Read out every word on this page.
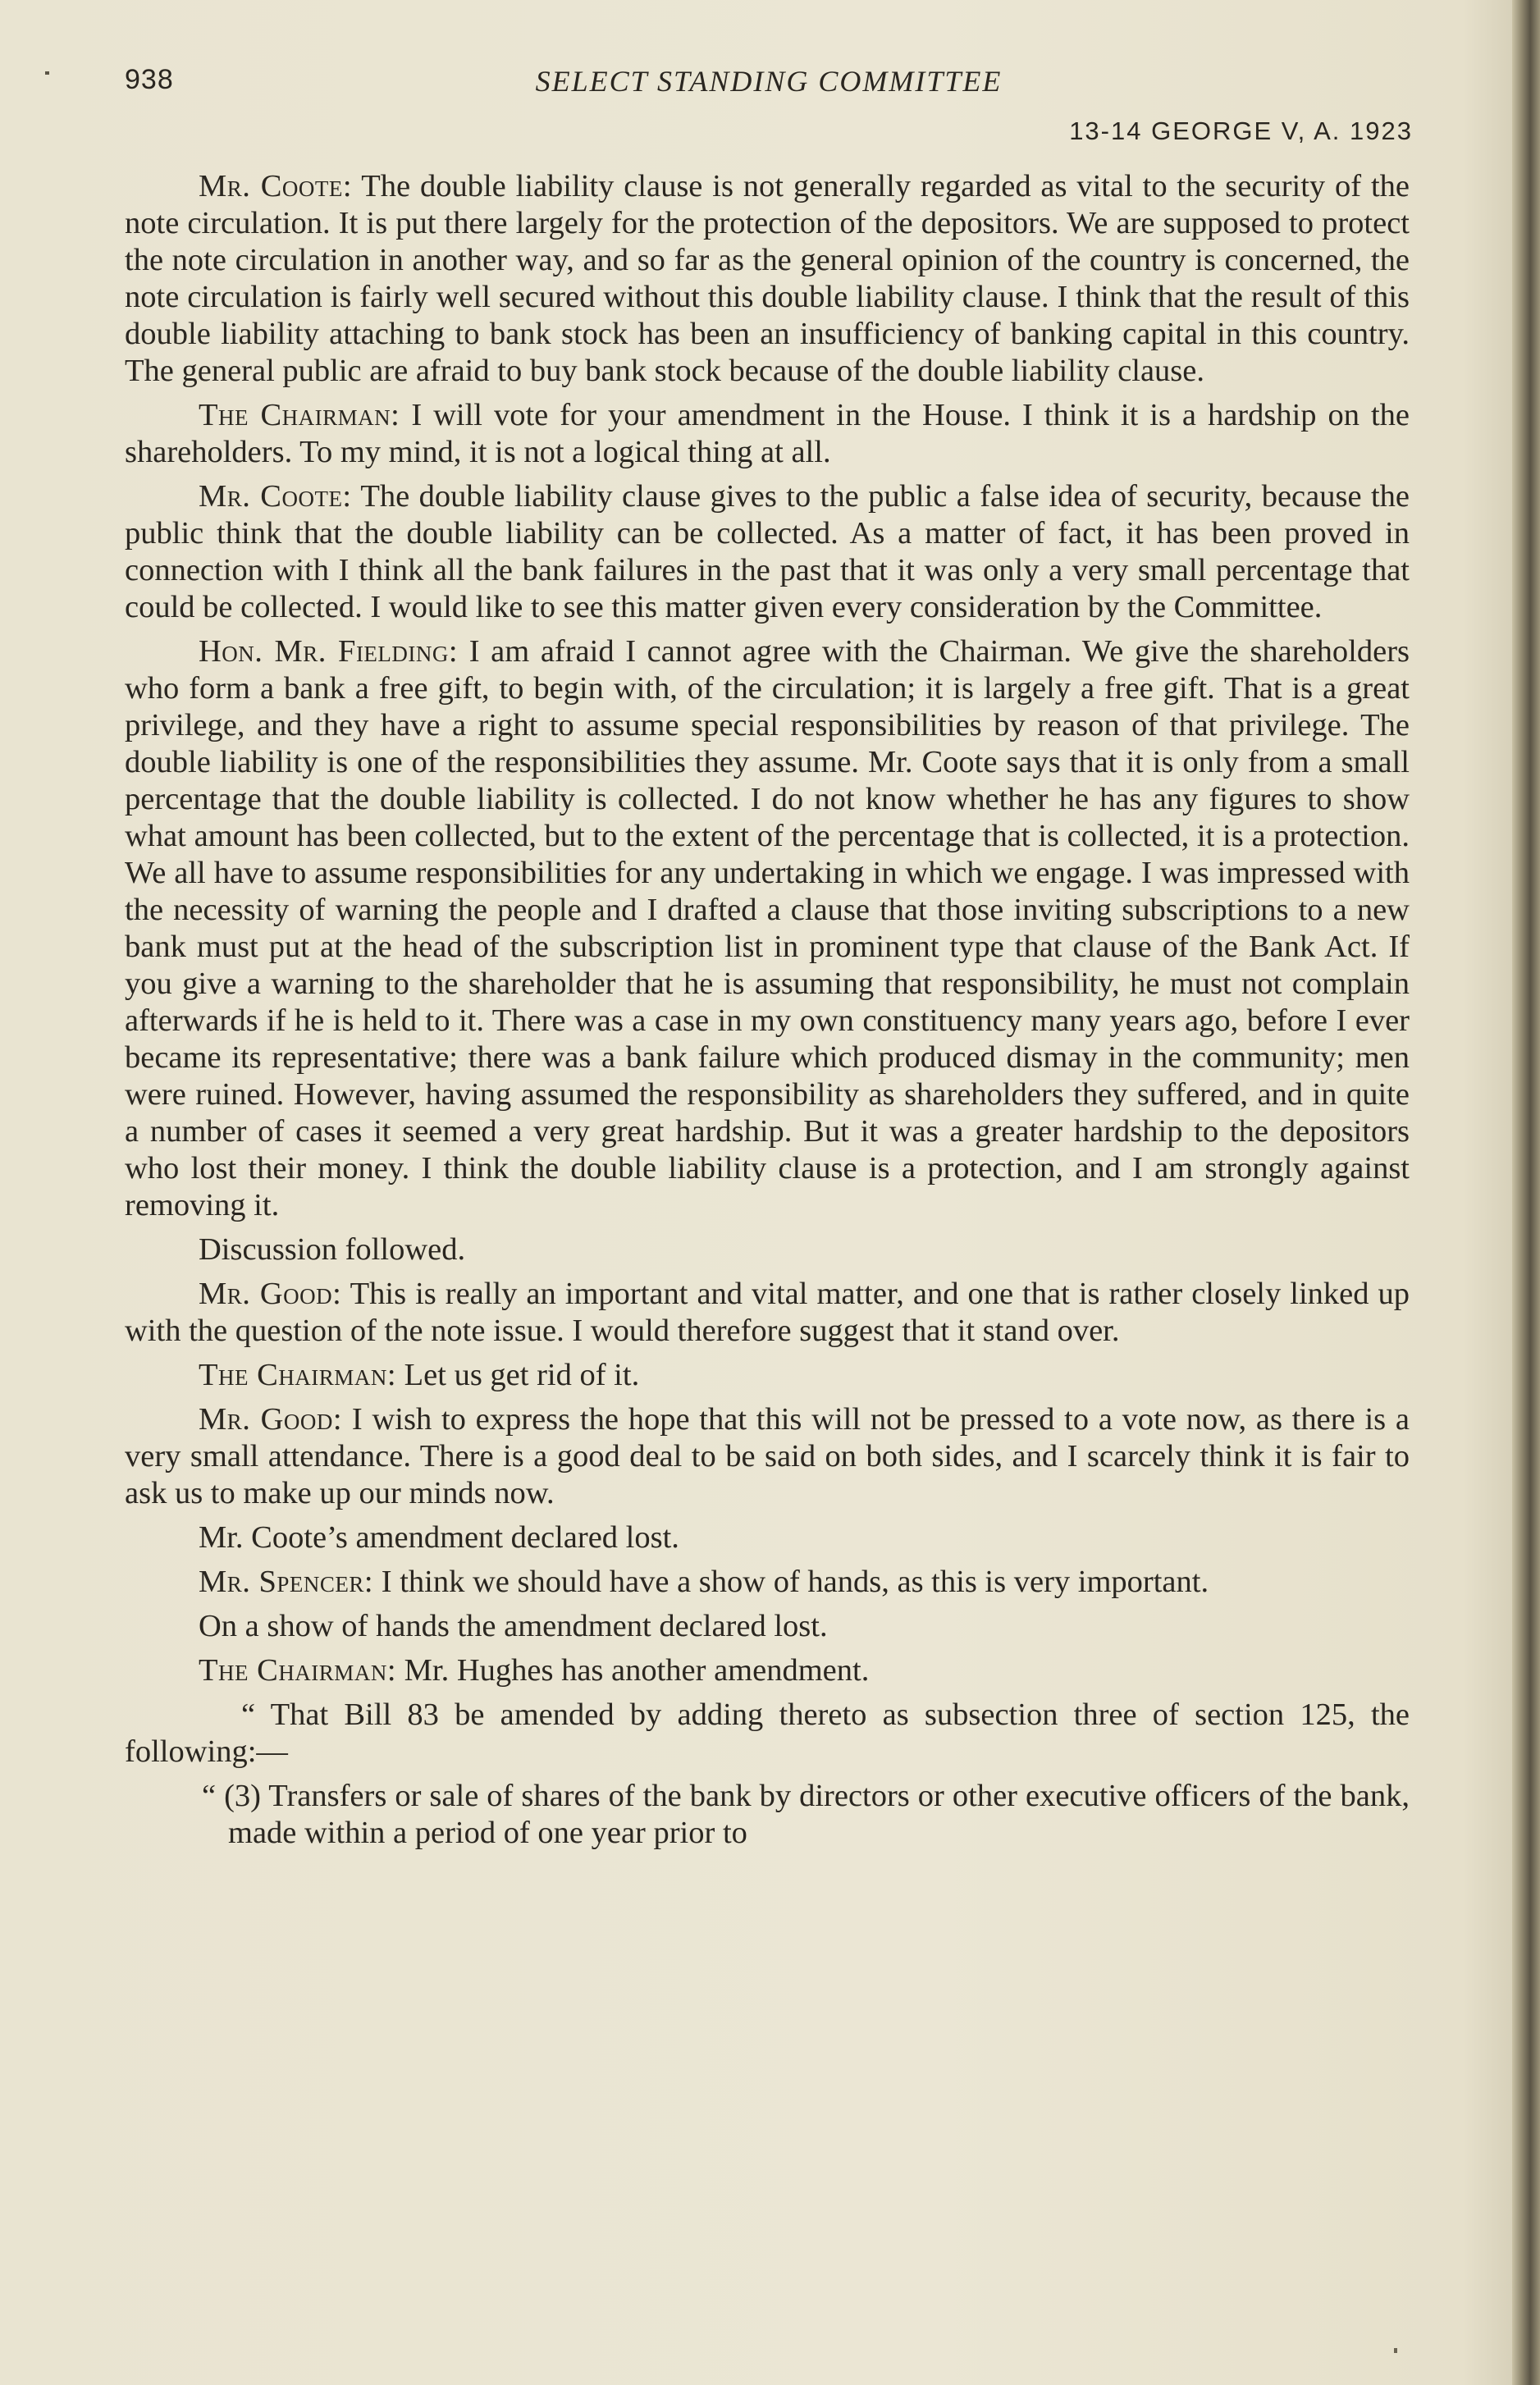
938	SELECT STANDING COMMITTEE
13-14 GEORGE V, A. 1923

Mr. Coote: The double liability clause is not generally regarded as vital to the security of the note circulation. It is put there largely for the protection of the depositors. We are supposed to protect the note circulation in another way, and so far as the general opinion of the country is concerned, the note circulation is fairly well secured without this double liability clause. I think that the result of this double liability attaching to bank stock has been an insufficiency of banking capital in this country. The general public are afraid to buy bank stock because of the double liability clause.

The Chairman: I will vote for your amendment in the House. I think it is a hardship on the shareholders. To my mind, it is not a logical thing at all.

Mr. Coote: The double liability clause gives to the public a false idea of security, because the public think that the double liability can be collected. As a matter of fact, it has been proved in connection with I think all the bank failures in the past that it was only a very small percentage that could be collected. I would like to see this matter given every consideration by the Committee.

Hon. Mr. Fielding: I am afraid I cannot agree with the Chairman. We give the shareholders who form a bank a free gift, to begin with, of the circulation; it is largely a free gift. That is a great privilege, and they have a right to assume special responsibilities by reason of that privilege. The double liability is one of the responsibilities they assume. Mr. Coote says that it is only from a small percentage that the double liability is collected. I do not know whether he has any figures to show what amount has been collected, but to the extent of the percentage that is collected, it is a protection. We all have to assume responsibilities for any undertaking in which we engage. I was impressed with the necessity of warning the people and I drafted a clause that those inviting subscriptions to a new bank must put at the head of the subscription list in prominent type that clause of the Bank Act. If you give a warning to the shareholder that he is assuming that responsibility, he must not complain afterwards if he is held to it. There was a case in my own constituency many years ago, before I ever became its representative; there was a bank failure which produced dismay in the community; men were ruined. However, having assumed the responsibility as shareholders they suffered, and in quite a number of cases it seemed a very great hardship. But it was a greater hardship to the depositors who lost their money. I think the double liability clause is a protection, and I am strongly against removing it.

Discussion followed.

Mr. Good: This is really an important and vital matter, and one that is rather closely linked up with the question of the note issue. I would therefore suggest that it stand over.

The Chairman: Let us get rid of it.

Mr. Good: I wish to express the hope that this will not be pressed to a vote now, as there is a very small attendance. There is a good deal to be said on both sides, and I scarcely think it is fair to ask us to make up our minds now.

Mr. Coote’s amendment declared lost.

Mr. Spencer: I think we should have a show of hands, as this is very important.

On a show of hands the amendment declared lost.

The Chairman: Mr. Hughes has another amendment.

“ That Bill 83 be amended by adding thereto as subsection three of section 125, the following:—

“ (3) Transfers or sale of shares of the bank by directors or other executive officers of the bank, made within a period of one year prior to
